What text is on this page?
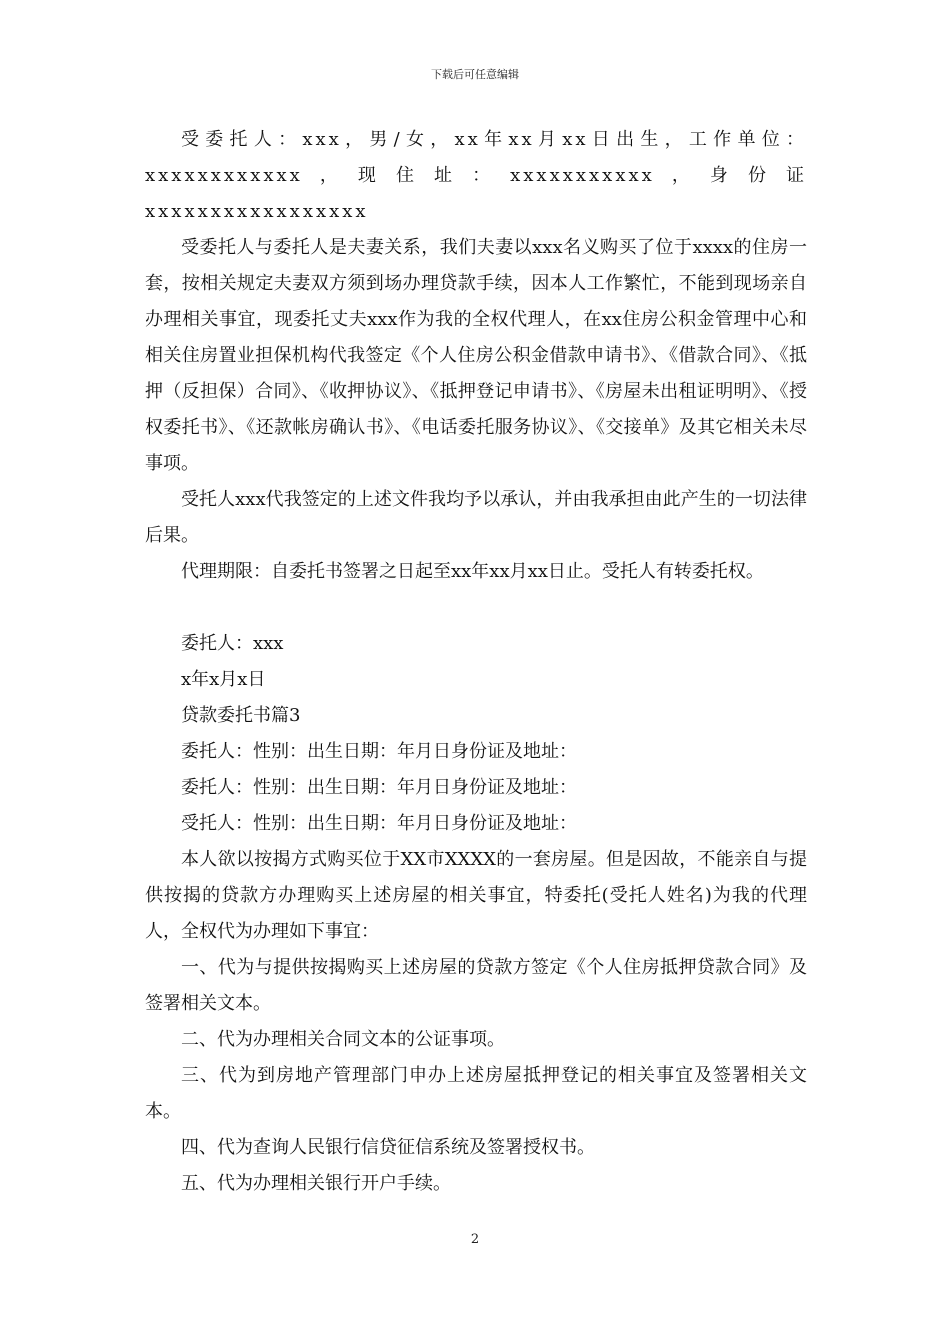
下载后可任意编辑

受委托人：xxx，男/女，xx年xx月xx日出生，工作单位：xxxxxxxxxxxx，现住址：xxxxxxxxxxx，身份证xxxxxxxxxxxxxxxxx

受委托人与委托人是夫妻关系，我们夫妻以xxx名义购买了位于xxxx的住房一套，按相关规定夫妻双方须到场办理贷款手续，因本人工作繁忙，不能到现场亲自办理相关事宜，现委托丈夫xxx作为我的全权代理人，在xx住房公积金管理中心和相关住房置业担保机构代我签定《个人住房公积金借款申请书》、《借款合同》、《抵押（反担保）合同》、《收押协议》、《抵押登记申请书》、《房屋未出租证明明》、《授权委托书》、《还款帐房确认书》、《电话委托服务协议》、《交接单》及其它相关未尽事项。

受托人xxx代我签定的上述文件我均予以承认，并由我承担由此产生的一切法律后果。

代理期限：自委托书签署之日起至xx年xx月xx日止。受托人有转委托权。

委托人：xxx

x年x月x日

贷款委托书篇3

委托人：性别：出生日期：年月日身份证及地址：

委托人：性别：出生日期：年月日身份证及地址：

受托人：性别：出生日期：年月日身份证及地址：

本人欲以按揭方式购买位于XX市XXXX的一套房屋。但是因故，不能亲自与提供按揭的贷款方办理购买上述房屋的相关事宜，特委托(受托人姓名)为我的代理人，全权代为办理如下事宜：

一、代为与提供按揭购买上述房屋的贷款方签定《个人住房抵押贷款合同》及签署相关文本。

二、代为办理相关合同文本的公证事项。

三、代为到房地产管理部门申办上述房屋抵押登记的相关事宜及签署相关文本。

四、代为查询人民银行信贷征信系统及签署授权书。

五、代为办理相关银行开户手续。

2
